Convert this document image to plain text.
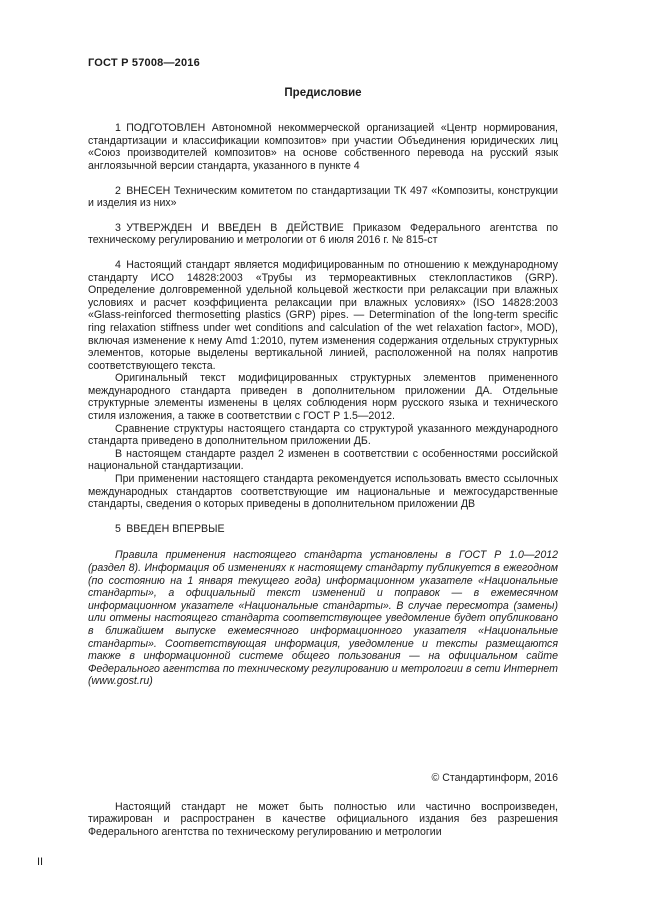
ГОСТ Р 57008—2016
Предисловие

1 ПОДГОТОВЛЕН Автономной некоммерческой организацией «Центр нормирования, стандартизации и классификации композитов» при участии Объединения юридических лиц «Союз производителей композитов» на основе собственного перевода на русский язык англоязычной версии стандарта, указанного в пункте 4

2 ВНЕСЕН Техническим комитетом по стандартизации ТК 497 «Композиты, конструкции и изделия из них»

3 УТВЕРЖДЕН И ВВЕДЕН В ДЕЙСТВИЕ Приказом Федерального агентства по техническому регулированию и метрологии от 6 июля 2016 г. № 815-ст

4 Настоящий стандарт является модифицированным по отношению к международному стандарту ИСО 14828:2003 «Трубы из термореактивных стеклопластиков (GRP). Определение долговременной удельной кольцевой жесткости при релаксации при влажных условиях и расчет коэффициента релаксации при влажных условиях» (ISO 14828:2003 «Glass-reinforced thermosetting plastics (GRP) pipes. — Determination of the long-term specific ring relaxation stiffness under wet conditions and calculation of the wet relaxation factor», MOD), включая изменение к нему Amd 1:2010, путем изменения содержания отдельных структурных элементов, которые выделены вертикальной линией, расположенной на полях напротив соответствующего текста.

Оригинальный текст модифицированных структурных элементов примененного международного стандарта приведен в дополнительном приложении ДА. Отдельные структурные элементы изменены в целях соблюдения норм русского языка и технического стиля изложения, а также в соответствии с ГОСТ Р 1.5—2012.

Сравнение структуры настоящего стандарта со структурой указанного международного стандарта приведено в дополнительном приложении ДБ.

В настоящем стандарте раздел 2 изменен в соответствии с особенностями российской национальной стандартизации.

При применении настоящего стандарта рекомендуется использовать вместо ссылочных международных стандартов соответствующие им национальные и межгосударственные стандарты, сведения о которых приведены в дополнительном приложении ДВ

5 ВВЕДЕН ВПЕРВЫЕ

Правила применения настоящего стандарта установлены в ГОСТ Р 1.0—2012 (раздел 8). Информация об изменениях к настоящему стандарту публикуется в ежегодном (по состоянию на 1 января текущего года) информационном указателе «Национальные стандарты», а официальный текст изменений и поправок — в ежемесячном информационном указателе «Национальные стандарты». В случае пересмотра (замены) или отмены настоящего стандарта соответствующее уведомление будет опубликовано в ближайшем выпуске ежемесячного информационного указателя «Национальные стандарты». Соответствующая информация, уведомление и тексты размещаются также в информационной системе общего пользования — на официальном сайте Федерального агентства по техническому регулированию и метрологии в сети Интернет (www.gost.ru)

© Стандартинформ, 2016

Настоящий стандарт не может быть полностью или частично воспроизведен, тиражирован и распространен в качестве официального издания без разрешения Федерального агентства по техническому регулированию и метрологии

II
